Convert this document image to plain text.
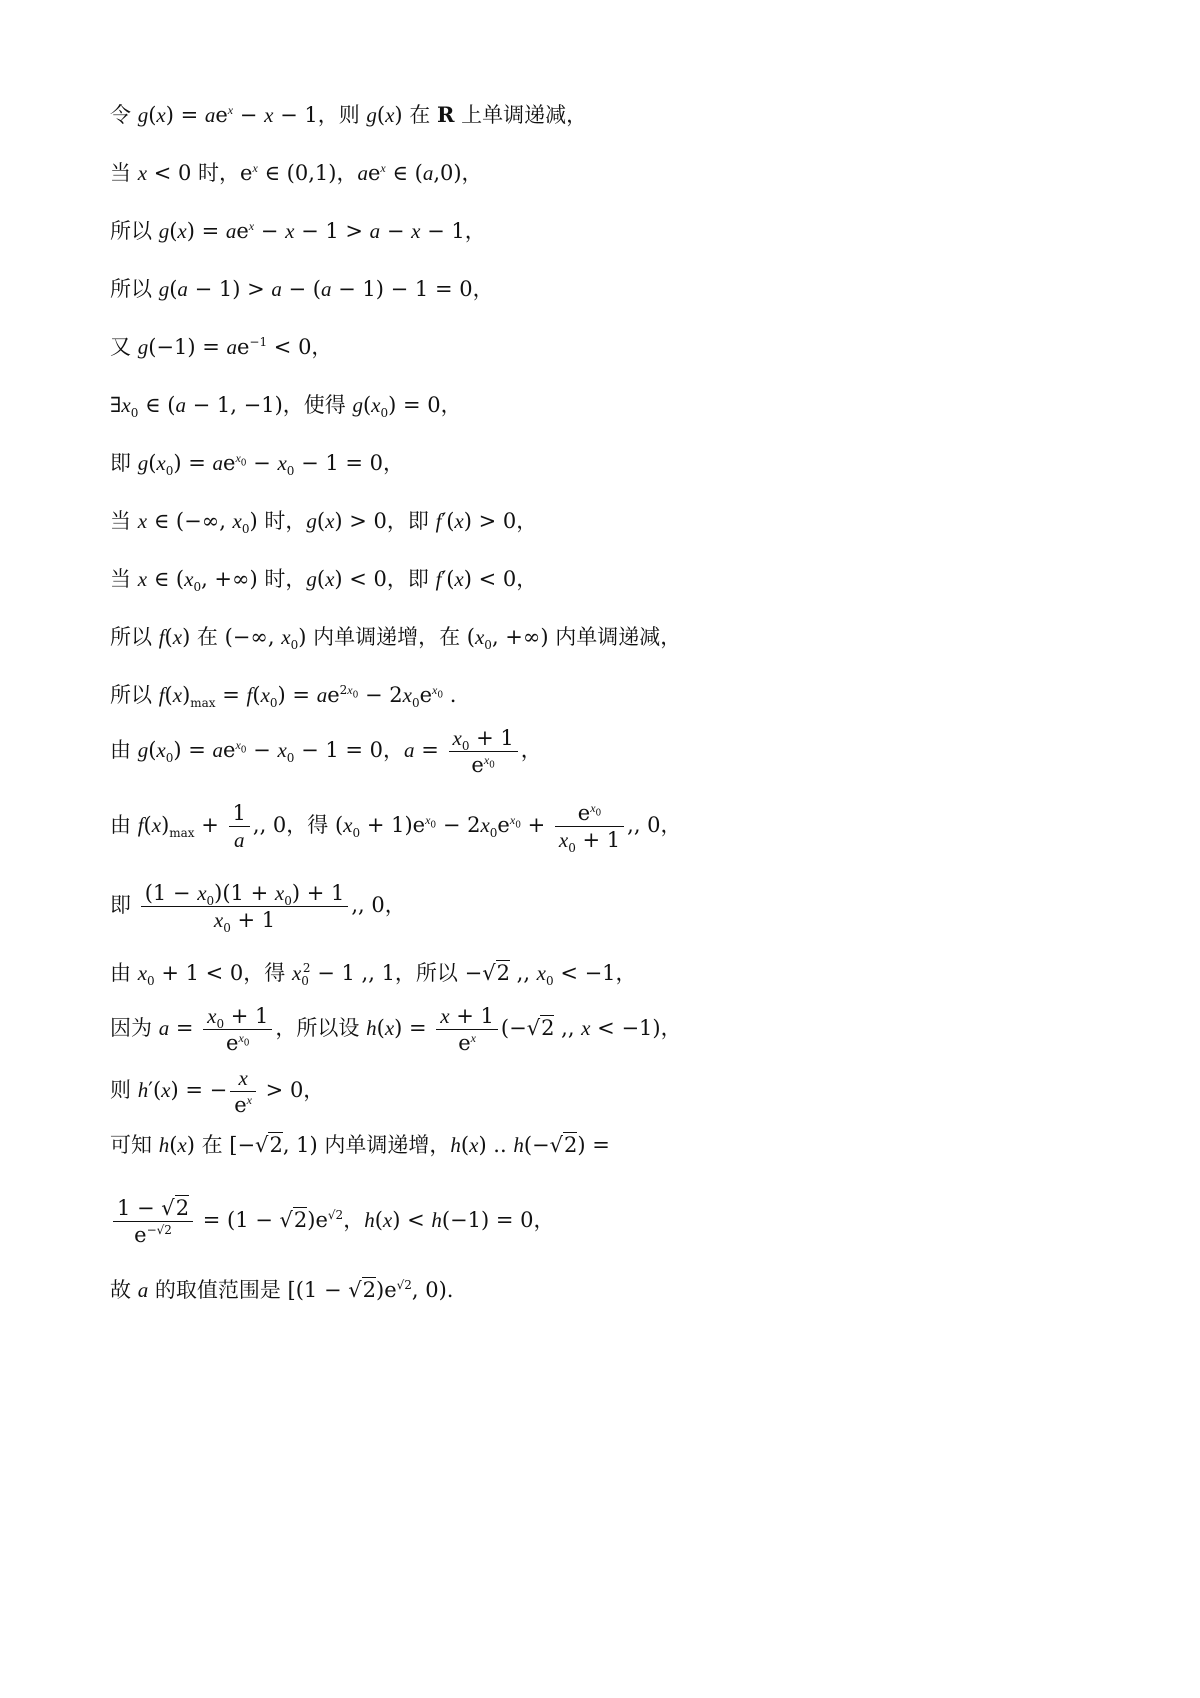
令 $g(x) = ae^x - x - 1$，则 g(x) 在 R 上单调递减，
当 x < 0 时，$e^x$ ∈ (0,1)，$ae^x$ ∈ (a,0)，
所以 $g(x) = ae^x - x - 1 > a - x - 1$，
所以 g(a − 1) > a − (a − 1) − 1 = 0，
又 $g(-1) = ae^{-1} < 0$，
$\exists x_0$ ∈ (a − 1, −1)，使得 $g(x_0) = 0$，
即 $g(x_0) = ae^{x_0} - x_0 - 1 = 0$，
当 x ∈ (−∞, $x_0$) 时，g(x) > 0，即 f′(x) > 0，
当 x ∈ ($x_0$, +∞) 时，g(x) < 0，即 f′(x) < 0，
所以 f(x) 在 (−∞, $x_0$) 内单调递增，在 ($x_0$, +∞) 内单调递减，
所以 $f(x)_{max} = f(x_0) = ae^{2x_0} - 2x_0e^{x_0}$ .
由 $g(x_0) = ae^{x_0} - x_0 - 1 = 0$，$a = \frac{x_0 + 1}{e^{x_0}}$ ，
由 $f(x)_{max} + \frac{1}{a}$ ,, 0，得 $(x_0 + 1)e^{x_0} - 2x_0e^{x_0} + \frac{e^{x_0}}{x_0 + 1}$ ,, 0，
即 $\frac{(1 - x_0)(1 + x_0) + 1}{x_0 + 1}$ ,, 0，
由 $x_0 + 1 < 0$，得 $x_0^2 - 1$ ,, 1，所以 −√2 ,, $x_0 < -1$，
因为 $a = \frac{x_0 + 1}{e^{x_0}}$ ，所以设 $h(x) = \frac{x + 1}{e^x} (-√2$ ,, x < −1)，
则 h′(x) = − $\frac{x}{e^x} > 0$，
可知 h(x) 在 [−√2, 1) 内单调递增，h(x) .. h(−√2) =
$\frac{1 - √2}{e^{-√2}} = (1 - √2)e^{√2}$，h(x) < h(−1) = 0，
故 a 的取值范围是 [$(1 - √2)e^{√2}$, 0).
